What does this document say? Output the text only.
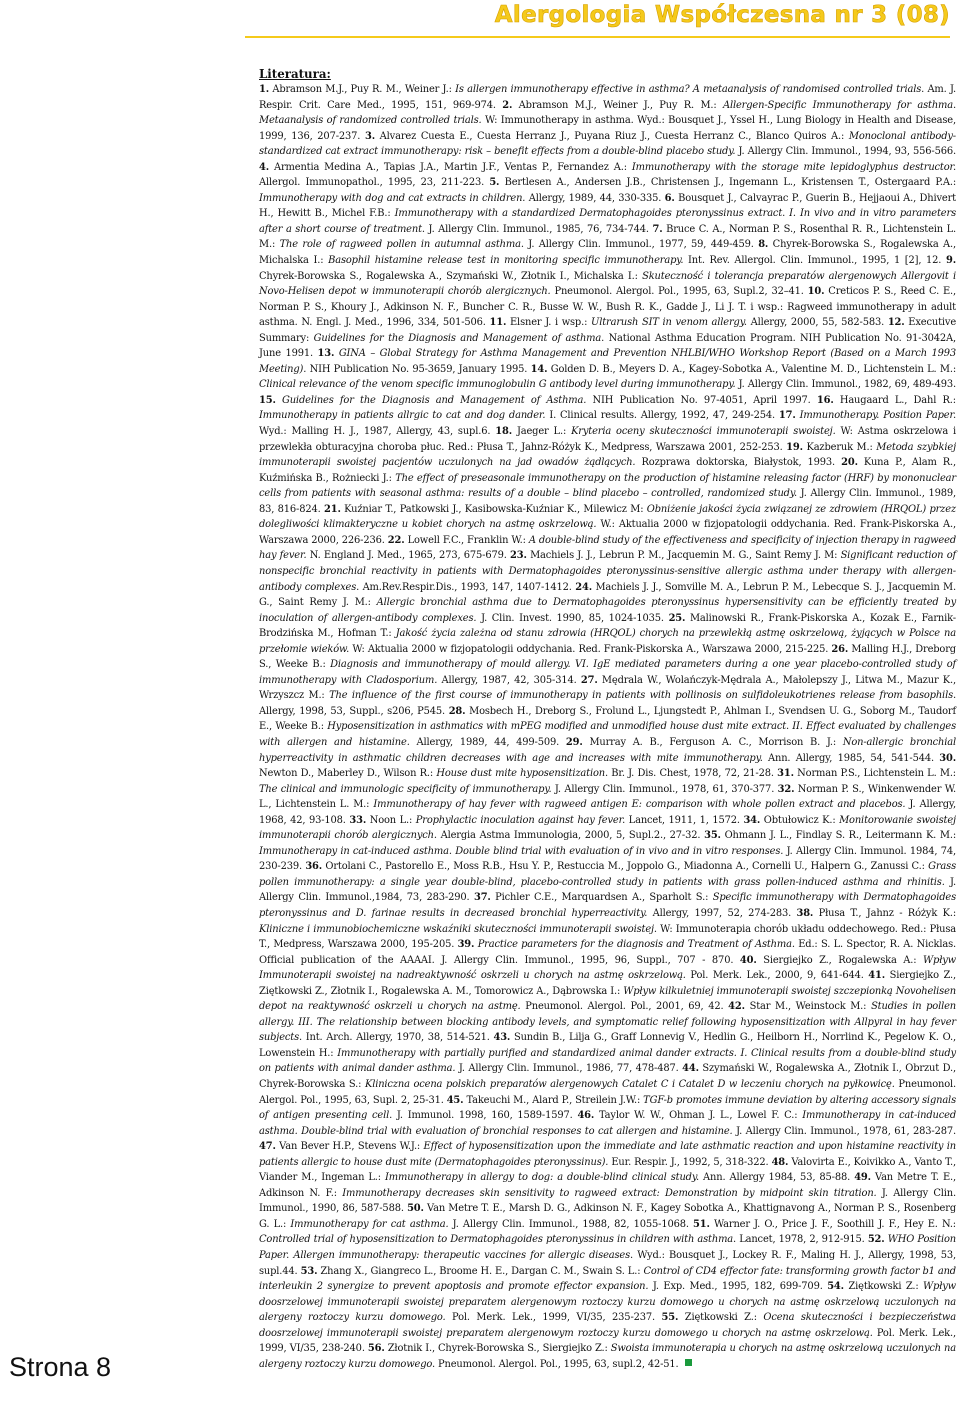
Alergologia Współczesna nr 3 (08)
Strona 8
Literatura:
1. Abramson M.J., Puy R. M., Weiner J.: Is allergen immunotherapy effective in asthma? A metaanalysis of randomised controlled trials. Am. J. Respir. Crit. Care Med., 1995, 151, 969-974. 2. Abramson M.J., Weiner J., Puy R. M.: Allergen-Specific Immunotherapy for asthma. Metaanalysis of randomized controlled trials. W: Immunotherapy in asthma. Wyd.: Bousquet J., Yssel H., Lung Biology in Health and Disease, 1999, 136, 207-237. 3. Alvarez Cuesta E., Cuesta Herranz J., Puyana Riuz J., Cuesta Herranz C., Blanco Quiros A.: Monoclonal antibody-standardized cat extract immunotherapy: risk – benefit effects from a double-blind placebo study. J. Allergy Clin. Immunol., 1994, 93, 556-566. 4. Armentia Medina A., Tapias J.A., Martin J.F., Ventas P., Fernandez A.: Immunotherapy with the storage mite lepidoglyphus destructor. Allergol. Immunopathol., 1995, 23, 211-223. 5. Bertlesen A., Andersen J.B., Christensen J., Ingemann L., Kristensen T., Ostergaard P.A.: Immunotherapy with dog and cat extracts in children. Allergy, 1989, 44, 330-335. 6. Bousquet J., Calvayrac P., Guerin B., Hejjaoui A., Dhivert H., Hewitt B., Michel F.B.: Immunotherapy with a standardized Dermatophagoides pteronyssinus extract. I. In vivo and in vitro parameters after a short course of treatment. J. Allergy Clin. Immunol., 1985, 76, 734-744. 7. Bruce C. A., Norman P. S., Rosenthal R. R., Lichtenstein L. M.: The role of ragweed pollen in autumnal asthma. J. Allergy Clin. Immunol., 1977, 59, 449-459. 8. Chyrek-Borowska S., Rogalewska A., Michalska I.: Basophil histamine release test in monitoring specific immunotherapy. Int. Rev. Allergol. Clin. Immunol., 1995, 1 [2], 12. 9. Chyrek-Borowska S., Rogalewska A., Szymański W., Złotnik I., Michalska I.: Skuteczność i tolerancja preparatów alergenowych Allergovit i Novo-Helisen depot w immunoterapii chorób alergicznych. Pneumonol. Alergol. Pol., 1995, 63, Supl.2, 32–41. 10. Creticos P. S., Reed C. E., Norman P. S., Khoury J., Adkinson N. F., Buncher C. R., Busse W. W., Bush R. K., Gadde J., Li J. T. i wsp.: Ragweed immunotherapy in adult asthma. N. Engl. J. Med., 1996, 334, 501-506. 11. Elsner J. i wsp.: Ultrarush SIT in venom allergy. Allergy, 2000, 55, 582-583. 12. Executive Summary: Guidelines for the Diagnosis and Management of asthma. National Asthma Education Program. NIH Publication No. 91-3042A, June 1991. 13. GINA – Global Strategy for Asthma Management and Prevention NHLBI/WHO Workshop Report (Based on a March 1993 Meeting). NIH Publication No. 95-3659, January 1995. 14. Golden D. B., Meyers D. A., Kagey-Sobotka A., Valentine M. D., Lichtenstein L. M.: Clinical relevance of the venom specific immunoglobulin G antibody level during immunotherapy. J. Allergy Clin. Immunol., 1982, 69, 489-493. 15. Guidelines for the Diagnosis and Management of Asthma. NIH Publication No. 97-4051, April 1997. 16. Haugaard L., Dahl R.: Immunotherapy in patients allrgic to cat and dog dander. I. Clinical results. Allergy, 1992, 47, 249-254. 17. Immunotherapy. Position Paper. Wyd.: Malling H. J., 1987, Allergy, 43, supl.6. 18. Jaeger L.: Kryteria oceny skuteczności immunoterapii swoistej. W: Astma oskrzelowa i przewlekła obturacyjna choroba płuc. Red.: Płusa T., Jahnz-Różyk K., Medpress, Warszawa 2001, 252-253. 19. Kazberuk M.: Metoda szybkiej immunoterapii swoistej pacjentów uczulonych na jad owadów żądlących. Rozprawa doktorska, Białystok, 1993. 20. Kuna P., Alam R., Kuźmińska B., Rożniecki J.: The effect of preseasonale immunotherapy on the production of histamine releasing factor (HRF) by mononuclear cells from patients with seasonal asthma: results of a double – blind placebo – controlled, randomized study. J. Allergy Clin. Immunol., 1989, 83, 816-824. 21. Kuźniar T., Patkowski J., Kasibowska-Kuźniar K., Milewicz M: Obniżenie jakości życia związanej ze zdrowiem (HRQOL) przez dolegliwości klimakteryczne u kobiet chorych na astmę oskrzelową. W.: Aktualia 2000 w fizjopatologii oddychania. Red. Frank-Piskorska A., Warszawa 2000, 226-236. 22. Lowell F.C., Franklin W.: A double-blind study of the effectiveness and specificity of injection therapy in ragweed hay fever. N. England J. Med., 1965, 273, 675-679. 23. Machiels J. J., Lebrun P. M., Jacquemin M. G., Saint Remy J. M: Significant reduction of nonspecific bronchial reactivity in patients with Dermatophagoides pteronyssinus-sensitive allergic asthma under therapy with allergen-antibody complexes. Am.Rev.Respir.Dis., 1993, 147, 1407-1412. 24. Machiels J. J., Somville M. A., Lebrun P. M., Lebecque S. J., Jacquemin M. G., Saint Remy J. M.: Allergic bronchial asthma due to Dermatophagoides pteronyssinus hypersensitivity can be efficiently treated by inoculation of allergen-antibody complexes. J. Clin. Invest. 1990, 85, 1024-1035. 25. Malinowski R., Frank-Piskorska A., Kozak E., Farnik-Brodzińska M., Hofman T.: Jakość życia zależna od stanu zdrowia (HRQOL) chorych na przewlekłą astmę oskrzelową, żyjących w Polsce na przełomie wieków. W: Aktualia 2000 w fizjopatologii oddychania. Red. Frank-Piskorska A., Warszawa 2000, 215-225. 26. Malling H.J., Dreborg S., Weeke B.: Diagnosis and immunotherapy of mould allergy. VI. IgE mediated parameters during a one year placebo-controlled study of immunotherapy with Cladosporium. Allergy, 1987, 42, 305-314. 27. Mędrala W., Wolańczyk-Mędrala A., Małolepszy J., Litwa M., Mazur K., Wrzyszcz M.: The influence of the first course of immunotherapy in patients with pollinosis on sulfidoleukotrienes release from basophils. Allergy, 1998, 53, Suppl., s206, P545. 28. Mosbech H., Dreborg S., Frolund L., Ljungstedt P., Ahlman I., Svendsen U. G., Soborg M., Taudorf E., Weeke B.: Hyposensitization in asthmatics with mPEG modified and unmodified house dust mite extract. II. Effect evaluated by challenges with allergen and histamine. Allergy, 1989, 44, 499-509. 29. Murray A. B., Ferguson A. C., Morrison B. J.: Non-allergic bronchial hyperreactivity in asthmatic children decreases with age and increases with mite immunotherapy. Ann. Allergy, 1985, 54, 541-544. 30. Newton D., Maberley D., Wilson R.: House dust mite hyposensitization. Br. J. Dis. Chest, 1978, 72, 21-28. 31. Norman P.S., Lichtenstein L. M.: The clinical and immunologic specificity of immunotherapy. J. Allergy Clin. Immunol., 1978, 61, 370-377. 32. Norman P. S., Winkenwender W. L., Lichtenstein L. M.: Immunotherapy of hay fever with ragweed antigen E: comparison with whole pollen extract and placebos. J. Allergy, 1968, 42, 93-108. 33. Noon L.: Prophylactic inoculation against hay fever. Lancet, 1911, 1, 1572. 34. Obtułowicz K.: Monitorowanie swoistej immunoterapii chorób alergicznych. Alergia Astma Immunologia, 2000, 5, Supl.2., 27-32. 35. Ohmann J. L., Findlay S. R., Leitermann K. M.: Immunotherapy in cat-induced asthma. Double blind trial with evaluation of in vivo and in vitro responses. J. Allergy Clin. Immunol. 1984, 74, 230-239. 36. Ortolani C., Pastorello E., Moss R.B., Hsu Y. P., Restuccia M., Joppolo G., Miadonna A., Cornelli U., Halpern G., Zanussi C.: Grass pollen immunotherapy: a single year double-blind, placebo-controlled study in patients with grass pollen-induced asthma and rhinitis. J. Allergy Clin. Immunol.,1984, 73, 283-290. 37. Pichler C.E., Marquardsen A., Sparholt S.: Specific immunotherapy with Dermatophagoides pteronyssinus and D. farinae results in decreased bronchial hyperreactivity. Allergy, 1997, 52, 274-283. 38. Płusa T., Jahnz - Różyk K.: Kliniczne i immunobiochemiczne wskaźniki skuteczności immunoterapii swoistej. W: Immunoterapia chorób układu oddechowego. Red.: Płusa T., Medpress, Warszawa 2000, 195-205. 39. Practice parameters for the diagnosis and Treatment of Asthma. Ed.: S. L. Spector, R. A. Nicklas. Official publication of the AAAAI. J. Allergy Clin. Immunol., 1995, 96, Suppl., 707 - 870. 40. Siergiejko Z., Rogalewska A.: Wpływ Immunoterapii swoistej na nadreaktywność oskrzeli u chorych na astmę oskrzelową. Pol. Merk. Lek., 2000, 9, 641-644. 41. Siergiejko Z., Ziętkowski Z., Złotnik I., Rogalewska A. M., Tomorowicz A., Dąbrowska I.: Wpływ kilkuletniej immunoterapii swoistej szczepionką Novohelisen depot na reaktywność oskrzeli u chorych na astmę. Pneumonol. Alergol. Pol., 2001, 69, 42. 42. Star M., Weinstock M.: Studies in pollen allergy. III. The relationship between blocking antibody levels, and symptomatic relief following hyposensitization with Allpyral in hay fever subjects. Int. Arch. Allergy, 1970, 38, 514-521. 43. Sundin B., Lilja G., Graff Lonnevig V., Hedlin G., Heilborn H., Norrlind K., Pegelow K. O., Lowenstein H.: Immunotherapy with partially purified and standardized animal dander extracts. I. Clinical results from a double-blind study on patients with animal dander asthma. J. Allergy Clin. Immunol., 1986, 77, 478-487. 44. Szymański W., Rogalewska A., Złotnik I., Obrzut D., Chyrek-Borowska S.: Kliniczna ocena polskich preparatów alergenowych Catalet C i Catalet D w leczeniu chorych na pyłkowicę. Pneumonol. Alergol. Pol., 1995, 63, Supl. 2, 25-31. 45. Takeuchi M., Alard P., Streilein J.W.: TGF-b promotes immune deviation by altering accessory signals of antigen presenting cell. J. Immunol. 1998, 160, 1589-1597. 46. Taylor W. W., Ohman J. L., Lowel F. C.: Immunotherapy in cat-induced asthma. Double-blind trial with evaluation of bronchial responses to cat allergen and histamine. J. Allergy Clin. Immunol., 1978, 61, 283-287. 47. Van Bever H.P., Stevens W.J.: Effect of hyposensitization upon the immediate and late asthmatic reaction and upon histamine reactivity in patients allergic to house dust mite (Dermatophagoides pteronyssinus). Eur. Respir. J., 1992, 5, 318-322. 48. Valovirta E., Koivikko A., Vanto T., Viander M., Ingeman L.: Immunotherapy in allergy to dog: a double-blind clinical study. Ann. Allergy 1984, 53, 85-88. 49. Van Metre T. E., Adkinson N. F.: Immunotherapy decreases skin sensitivity to ragweed extract: Demonstration by midpoint skin titration. J. Allergy Clin. Immunol., 1990, 86, 587-588. 50. Van Metre T. E., Marsh D. G., Adkinson N. F., Kagey Sobotka A., Khattignavong A., Norman P. S., Rosenberg G. L.: Immunotherapy for cat asthma. J. Allergy Clin. Immunol., 1988, 82, 1055-1068. 51. Warner J. O., Price J. F., Soothill J. F., Hey E. N.: Controlled trial of hyposensitization to Dermatophagoides pteronyssinus in children with asthma. Lancet, 1978, 2, 912-915. 52. WHO Position Paper. Allergen immunotherapy: therapeutic vaccines for allergic diseases. Wyd.: Bousquet J., Lockey R. F., Maling H. J., Allergy, 1998, 53, supl.44. 53. Zhang X., Giangreco L., Broome H. E., Dargan C. M., Swain S. L.: Control of CD4 effector fate: transforming growth factor b1 and interleukin 2 synergize to prevent apoptosis and promote effector expansion. J. Exp. Med., 1995, 182, 699-709. 54. Ziętkowski Z.: Wpływ doosrzelowej immunoterapii swoistej preparatem alergenowym roztoczy kurzu domowego u chorych na astmę oskrzelową uczulonych na alergeny roztoczy kurzu domowego. Pol. Merk. Lek., 1999, VI/35, 235-237. 55. Ziętkowski Z.: Ocena skuteczności i bezpieczeństwa doosrzelowej immunoterapii swoistej preparatem alergenowym roztoczy kurzu domowego u chorych na astmę oskrzelową. Pol. Merk. Lek., 1999, VI/35, 238-240. 56. Złotnik I., Chyrek-Borowska S., Siergiejko Z.: Swoista immunoterapia u chorych na astmę oskrzelową uczulonych na alergeny roztoczy kurzu domowego. Pneumonol. Alergol. Pol., 1995, 63, supl.2, 42-51.
